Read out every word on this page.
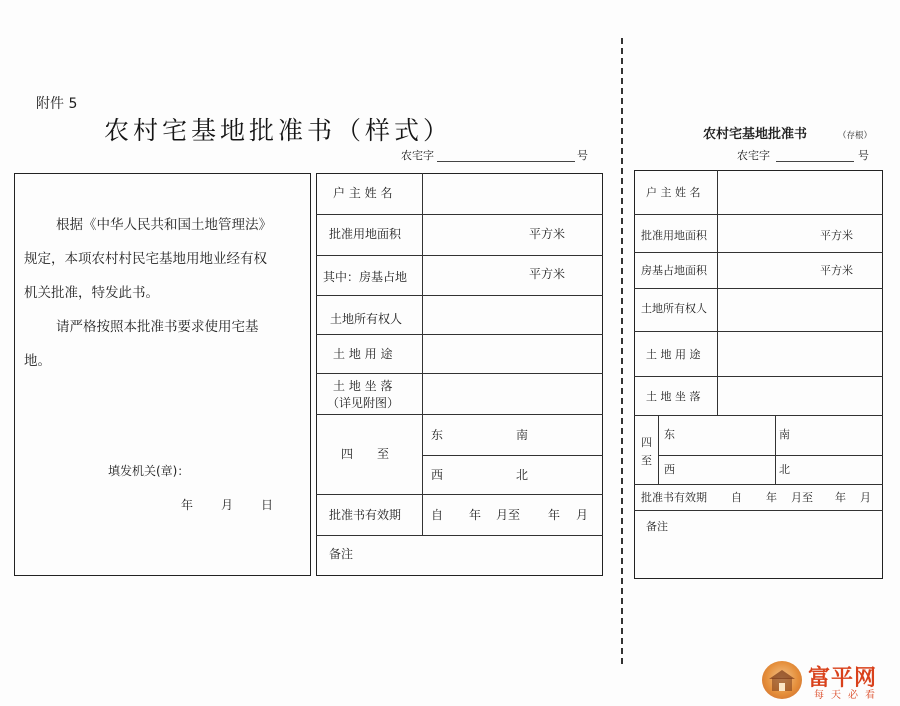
附件 5
农村宅基地批准书（样式）
农宅字	号
根据《中华人民共和国土地管理法》
规定，本项农村村民宅基地用地业经有权
机关批准，特发此书。
请严格按照本批准书要求使用宅基
地。
填发机关(章)：
年 月 日
户 主 姓 名
批准用地面积	平方米
其中：房基占地	平方米
土地所有权人
土 地 用 途
土 地 坐 落
（详见附图）
四　　至
东	南
西	北
批准书有效期 自 年 月至 年 月
备注
农村宅基地批准书	（存根）
农宅字	号
户 主 姓 名
批准用地面积	平方米
房基占地面积	平方米
土地所有权人
土 地 用 途
土 地 坐 落
四
至
东	南
西	北
批准书有效期 自 年 月至 年 月
备注
富平网
每天必看
